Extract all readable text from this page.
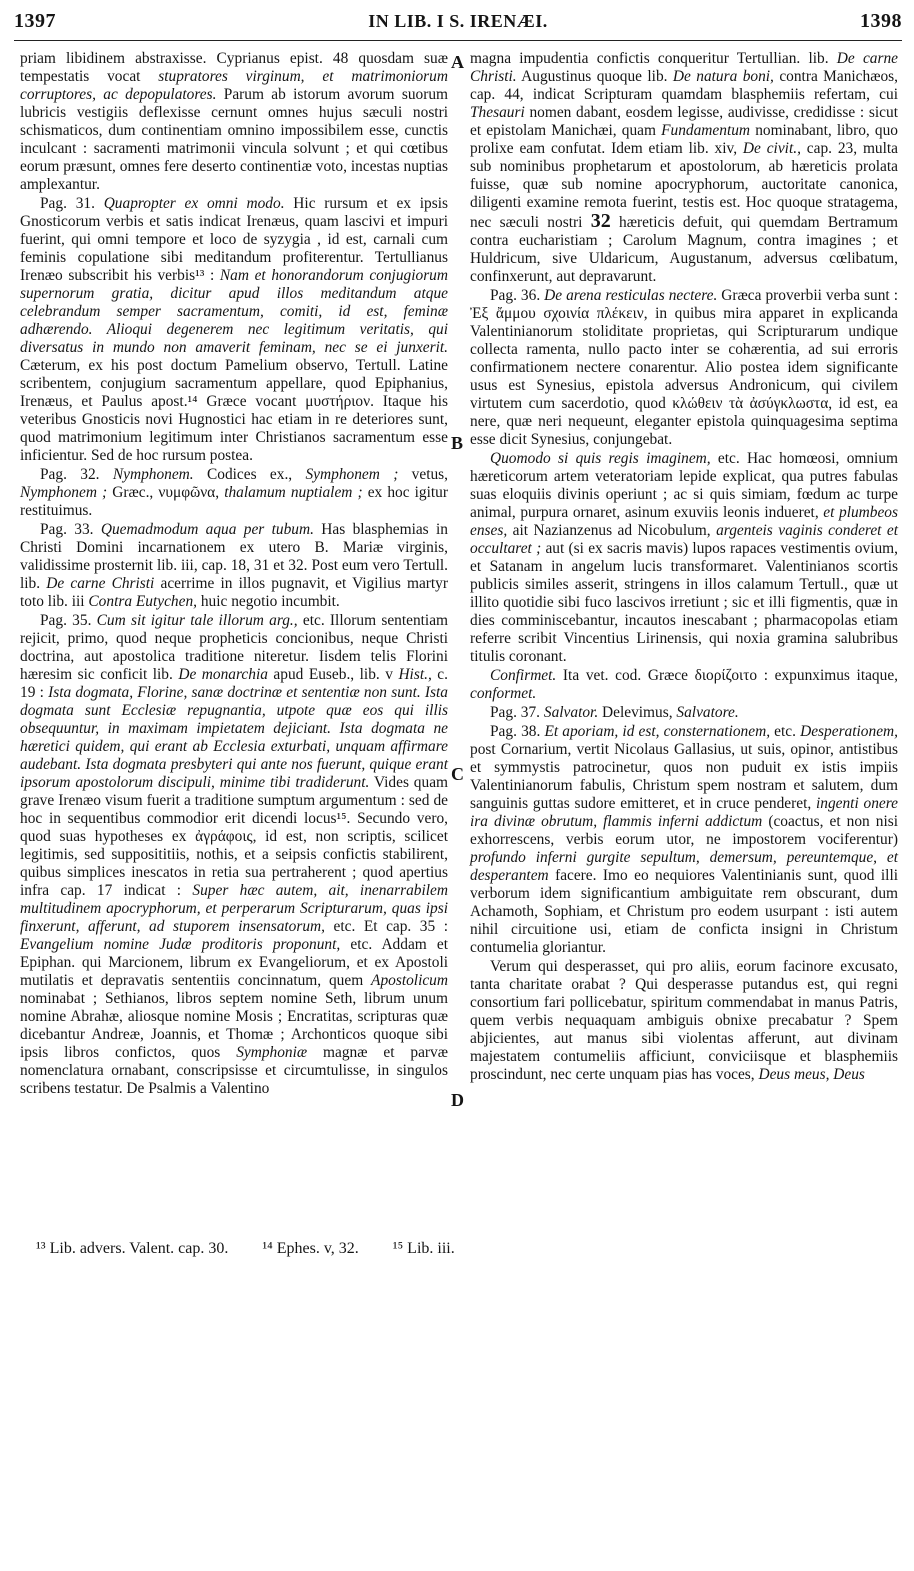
1397	IN LIB. I S. IRENÆI.	1398

priam libidinem abstraxisse. Cyprianus epist. 48 quosdam suæ tempestatis vocat stupratores virginum, et matrimoniorum corruptores, ac depopulatores. Parum ab istorum avorum suorum lubricis vestigiis deflexisse cernunt omnes hujus sæculi nostri schismaticos, dum continentiam omnino impossibilem esse, cunctis inculcant : sacramenti matrimonii vincula solvunt ; et qui cœtibus eorum præsunt, omnes fere deserto continentiæ voto, incestas nuptias amplexantur.

Pag. 31. Quapropter ex omni modo. Hic rursum et ex ipsis Gnosticorum verbis et satis indicat Irenæus, quam lascivi et impuri fuerint, qui omni tempore et loco de syzygia , id est, carnali cum feminis copulatione sibi meditandum profiterentur. Tertullianus Irenæo subscribit his verbis¹³ : Nam et honorandorum conjugiorum supernorum gratia, dicitur apud illos meditandum atque celebrandum semper sacramentum, comiti, id est, feminæ adhærendo. Alioqui degenerem nec legitimum veritatis, qui diversatus in mundo non amaverit feminam, nec se ei junxerit. Cæterum, ex his post doctum Pamelium observo, Tertull. Latine scribentem, conjugium sacramentum appellare, quod Epiphanius, Irenæus, et Paulus apost.¹⁴ Græce vocant μυστήριον. Itaque his veteribus Gnosticis novi Hugnostici hac etiam in re deteriores sunt, quod matrimonium legitimum inter Christianos sacramentum esse inficientur. Sed de hoc rursum postea.

Pag. 32. Nymphonem. Codices ex., Symphonem ; vetus, Nymphonem ; Græc., νυμφῶνα, thalamum nuptialem ; ex hoc igitur restituimus.

Pag. 33. Quemadmodum aqua per tubum. Has blasphemias in Christi Domini incarnationem ex utero B. Mariæ virginis, validissime prosternit lib. iii, cap. 18, 31 et 32. Post eum vero Tertull. lib. De carne Christi acerrime in illos pugnavit, et Vigilius martyr toto lib. iii Contra Eutychen, huic negotio incumbit.

Pag. 35. Cum sit igitur tale illorum arg., etc. Illorum sententiam rejicit, primo, quod neque propheticis concionibus, neque Christi doctrina, aut apostolica traditione niteretur. Iisdem telis Florini hæresim sic conficit lib. De monarchia apud Euseb., lib. v Hist., c. 19 : Ista dogmata, Florine, sanæ doctrinæ et sententiæ non sunt. Ista dogmata sunt Ecclesiæ repugnantia, utpote quæ eos qui illis obsequuntur, in maximam impietatem dejiciant. Ista dogmata ne hæretici quidem, qui erant ab Ecclesia exturbati, unquam affirmare audebant. Ista dogmata presbyteri qui ante nos fuerunt, quique erant ipsorum apostolorum discipuli, minime tibi tradiderunt. Vides quam grave Irenæo visum fuerit a traditione sumptum argumentum : sed de hoc in sequentibus commodior erit dicendi locus¹⁵. Secundo vero, quod suas hypotheses ex ἀγράφοις, id est, non scriptis, scilicet legitimis, sed supposititiis, nothis, et a seipsis confictis stabilirent, quibus simplices inescatos in retia sua pertraherent ; quod apertius infra cap. 17 indicat : Super hæc autem, ait, inenarrabilem multitudinem apocryphorum, et perperarum Scripturarum, quas ipsi finxerunt, afferunt, ad stuporem insensatorum, etc. Et cap. 35 : Evangelium nomine Judæ proditoris proponunt, etc. Addam et Epiphan. qui Marcionem, librum ex Evangeliorum, et ex Apostoli mutilatis et depravatis sententiis concinnatum, quem Apostolicum nominabat ; Sethianos, libros septem nomine Seth, librum unum nomine Abrahæ, aliosque nomine Mosis ; Encratitas, scripturas quæ dicebantur Andreæ, Joannis, et Thomæ ; Archonticos quoque sibi ipsis libros confictos, quos Symphoniæ magnæ et parvæ nomenclatura ornabant, conscripsisse et circumtulisse, in singulos scribens testatur. De Psalmis a Valentino

magna impudentia confictis conqueritur Tertullian. lib. De carne Christi. Augustinus quoque lib. De natura boni, contra Manichæos, cap. 44, indicat Scripturam quamdam blasphemiis refertam, cui Thesauri nomen dabant, eosdem legisse, audivisse, credidisse : sicut et epistolam Manichæi, quam Fundamentum nominabant, libro, quo prolixe eam confutat. Idem etiam lib. xiv, De civit., cap. 23, multa sub nominibus prophetarum et apostolorum, ab hæreticis prolata fuisse, quæ sub nomine apocryphorum, auctoritate canonica, diligenti examine remota fuerint, testis est. Hoc quoque stratagema, nec sæculi nostri 32 hæreticis defuit, qui quemdam Bertramum contra eucharistiam ; Carolum Magnum, contra imagines ; et Huldricum, sive Uldaricum, Augustanum, adversus cœlibatum, confinxerunt, aut depravarunt.

Pag. 36. De arena resticulas nectere. Græca proverbii verba sunt : Ἐξ ἄμμου σχοινία πλέκειν, in quibus mira apparet in explicanda Valentinianorum stoliditate proprietas, qui Scripturarum undique collecta ramenta, nullo pacto inter se cohærentia, ad sui erroris confirmationem nectere conarentur. Alio postea idem significante usus est Synesius, epistola adversus Andronicum, qui civilem virtutem cum sacerdotio, quod κλώθειν τὰ ἀσύγκλωστα, id est, ea nere, quæ neri nequeunt, eleganter epistola quinquagesima septima esse dicit Synesius, conjungebat.

Quomodo si quis regis imaginem, etc. Hac homœosi, omnium hæreticorum artem veteratoriam lepide explicat, qua putres fabulas suas eloquiis divinis operiunt ; ac si quis simiam, fœdum ac turpe animal, purpura ornaret, asinum exuviis leonis indueret, et plumbeos enses, ait Nazianzenus ad Nicobulum, argenteis vaginis conderet et occultaret ; aut (si ex sacris mavis) lupos rapaces vestimentis ovium, et Satanam in angelum lucis transformaret. Valentinianos scortis publicis similes asserit, stringens in illos calamum Tertull., quæ ut illito quotidie sibi fuco lascivos irretiunt ; sic et illi figmentis, quæ in dies comminiscebantur, incautos inescabant ; pharmacopolas etiam referre scribit Vincentius Lirinensis, qui noxia gramina salubribus titulis coronant.

Confirmet. Ita vet. cod. Græce διορίζοιτο : expunximus itaque, conformet.

Pag. 37. Salvator. Delevimus, Salvatore.

Pag. 38. Et aporiam, id est, consternationem, etc. Desperationem, post Cornarium, vertit Nicolaus Gallasius, ut suis, opinor, antistibus et symmystis patrocinetur, quos non puduit ex istis impiis Valentinianorum fabulis, Christum spem nostram et salutem, dum sanguinis guttas sudore emitteret, et in cruce penderet, ingenti onere ira divinæ obrutum, flammis inferni addictum (coactus, et non nisi exhorrescens, verbis eorum utor, ne impostorem vociferentur) profundo inferni gurgite sepultum, demersum, pereuntemque, et desperantem facere. Imo eo nequiores Valentinianis sunt, quod illi verborum idem significantium ambiguitate rem obscurant, dum Achamoth, Sophiam, et Christum pro eodem usurpant : isti autem nihil circuitione usi, etiam de conficta insigni in Christum contumelia gloriantur.

Verum qui desperasset, qui pro aliis, eorum facinore excusato, tanta charitate orabat ? Qui desperasse putandus est, qui regni consortium fari pollicebatur, spiritum commendabat in manus Patris, quem verbis nequaquam ambiguis obnixe precabatur ? Spem abjicientes, aut manus sibi violentas afferunt, aut divinam majestatem contumeliis afficiunt, conviciisque et blasphemiis proscindunt, nec certe unquam pias has voces, Deus meus, Deus

A
B
C
D
¹³ Lib. advers. Valent. cap. 30. ¹⁴ Ephes. v, 32. ¹⁵ Lib. iii.
